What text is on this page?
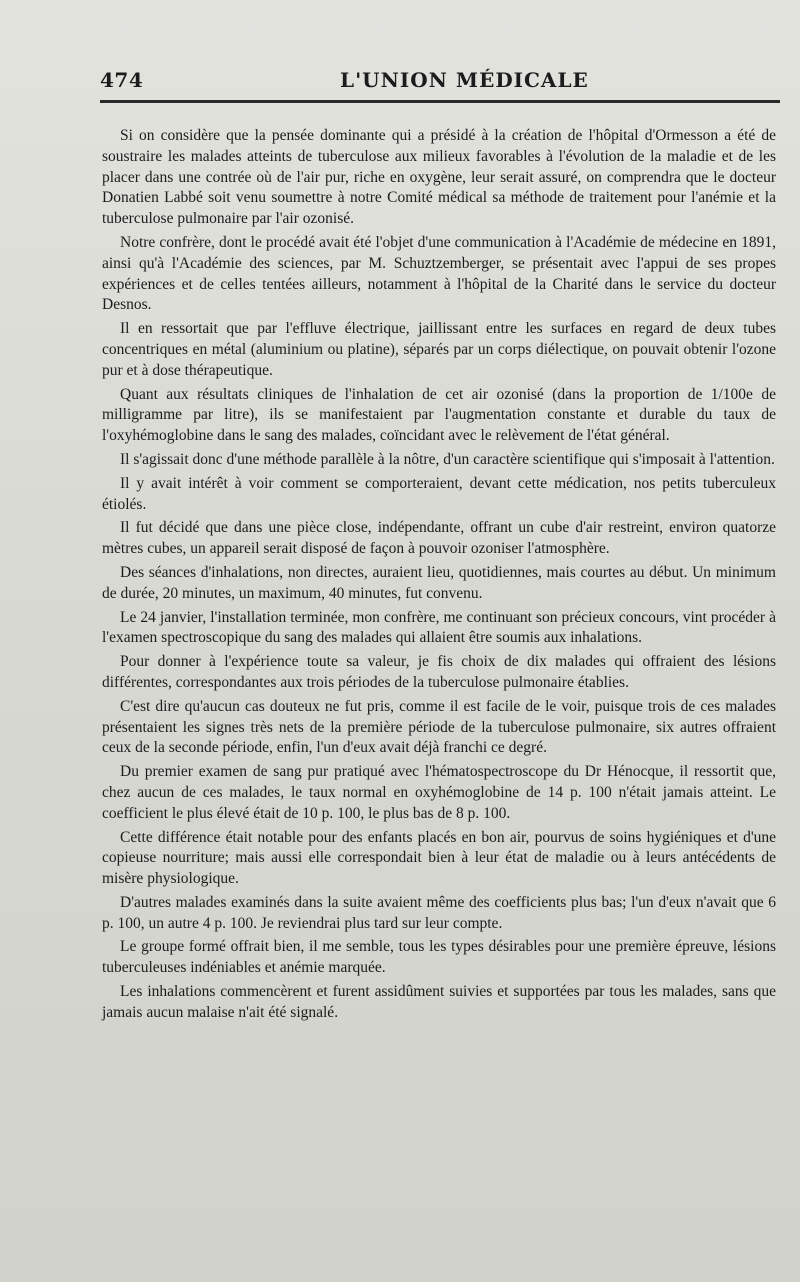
474	L'UNION MÉDICALE

Si on considère que la pensée dominante qui a présidé à la création de l'hôpital d'Ormesson a été de soustraire les malades atteints de tuberculose aux milieux favorables à l'évolution de la maladie et de les placer dans une contrée où de l'air pur, riche en oxygène, leur serait assuré, on comprendra que le docteur Donatien Labbé soit venu soumettre à notre Comité médical sa méthode de traitement pour l'anémie et la tuberculose pulmonaire par l'air ozonisé.

Notre confrère, dont le procédé avait été l'objet d'une communication à l'Académie de médecine en 1891, ainsi qu'à l'Académie des sciences, par M. Schuztzemberger, se présentait avec l'appui de ses propes expériences et de celles tentées ailleurs, notamment à l'hôpital de la Charité dans le service du docteur Desnos.

Il en ressortait que par l'effluve électrique, jaillissant entre les surfaces en regard de deux tubes concentriques en métal (aluminium ou platine), séparés par un corps diélectique, on pouvait obtenir l'ozone pur et à dose thérapeutique.

Quant aux résultats cliniques de l'inhalation de cet air ozonisé (dans la proportion de 1/100e de milligramme par litre), ils se manifestaient par l'augmentation constante et durable du taux de l'oxyhémoglobine dans le sang des malades, coïncidant avec le relèvement de l'état général.

Il s'agissait donc d'une méthode parallèle à la nôtre, d'un caractère scientifique qui s'imposait à l'attention.

Il y avait intérêt à voir comment se comporteraient, devant cette médication, nos petits tuberculeux étiolés.

Il fut décidé que dans une pièce close, indépendante, offrant un cube d'air restreint, environ quatorze mètres cubes, un appareil serait disposé de façon à pouvoir ozoniser l'atmosphère.

Des séances d'inhalations, non directes, auraient lieu, quotidiennes, mais courtes au début. Un minimum de durée, 20 minutes, un maximum, 40 minutes, fut convenu.

Le 24 janvier, l'installation terminée, mon confrère, me continuant son précieux concours, vint procéder à l'examen spectroscopique du sang des malades qui allaient être soumis aux inhalations.

Pour donner à l'expérience toute sa valeur, je fis choix de dix malades qui offraient des lésions différentes, correspondantes aux trois périodes de la tuberculose pulmonaire établies.

C'est dire qu'aucun cas douteux ne fut pris, comme il est facile de le voir, puisque trois de ces malades présentaient les signes très nets de la première période de la tuberculose pulmonaire, six autres offraient ceux de la seconde période, enfin, l'un d'eux avait déjà franchi ce degré.

Du premier examen de sang pur pratiqué avec l'hématospectroscope du Dr Hénocque, il ressortit que, chez aucun de ces malades, le taux normal en oxyhémoglobine de 14 p. 100 n'était jamais atteint. Le coefficient le plus élevé était de 10 p. 100, le plus bas de 8 p. 100.

Cette différence était notable pour des enfants placés en bon air, pourvus de soins hygiéniques et d'une copieuse nourriture; mais aussi elle correspondait bien à leur état de maladie ou à leurs antécédents de misère physiologique.

D'autres malades examinés dans la suite avaient même des coefficients plus bas; l'un d'eux n'avait que 6 p. 100, un autre 4 p. 100. Je reviendrai plus tard sur leur compte.

Le groupe formé offrait bien, il me semble, tous les types désirables pour une première épreuve, lésions tuberculeuses indéniables et anémie marquée.

Les inhalations commencèrent et furent assidûment suivies et supportées par tous les malades, sans que jamais aucun malaise n'ait été signalé.
